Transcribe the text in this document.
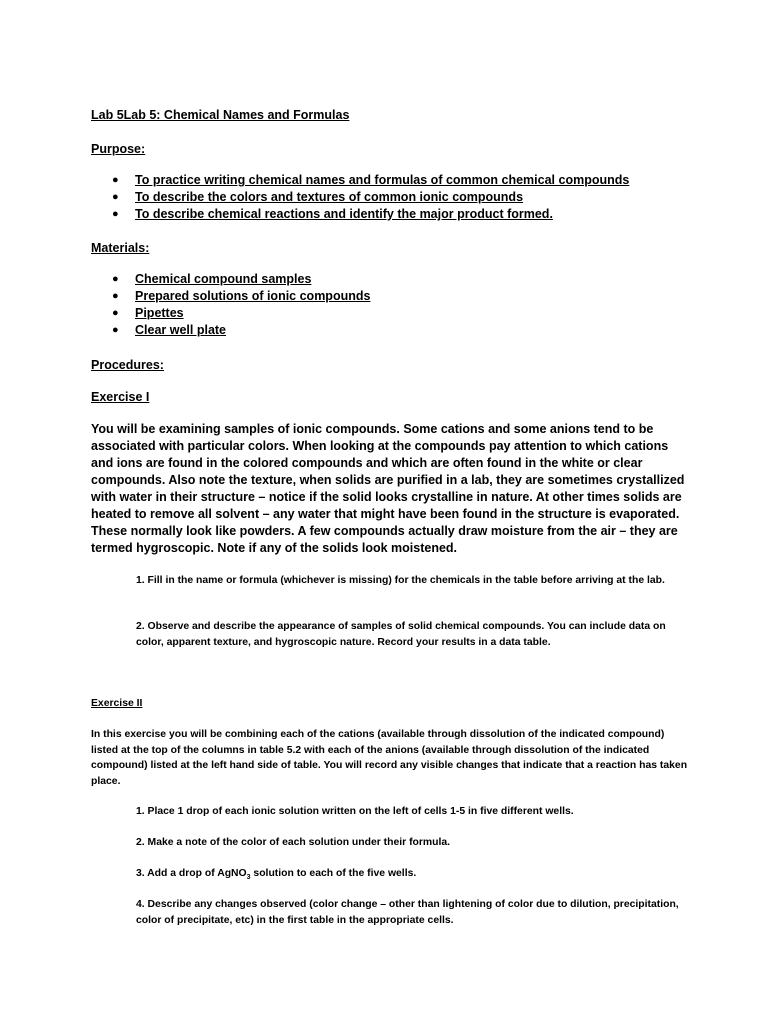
Lab 5Lab 5: Chemical Names and Formulas
Purpose:
● To practice writing chemical names and formulas of common chemical compounds
● To describe the colors and textures of common ionic compounds
● To describe chemical reactions and identify the major product formed.
Materials:
● Chemical compound samples
● Prepared solutions of ionic compounds
● Pipettes
● Clear well plate
Procedures:
Exercise I
You will be examining samples of ionic compounds. Some cations and some anions tend to be associated with particular colors. When looking at the compounds pay attention to which cations and ions are found in the colored compounds and which are often found in the white or clear compounds. Also note the texture, when solids are purified in a lab, they are sometimes crystallized with water in their structure – notice if the solid looks crystalline in nature. At other times solids are heated to remove all solvent – any water that might have been found in the structure is evaporated. These normally look like powders. A few compounds actually draw moisture from the air – they are termed hygroscopic. Note if any of the solids look moistened.
1. Fill in the name or formula (whichever is missing) for the chemicals in the table before arriving at the lab.
2. Observe and describe the appearance of samples of solid chemical compounds. You can include data on color, apparent texture, and hygroscopic nature. Record your results in a data table.
Exercise II
In this exercise you will be combining each of the cations (available through dissolution of the indicated compound) listed at the top of the columns in table 5.2 with each of the anions (available through dissolution of the indicated compound) listed at the left hand side of table. You will record any visible changes that indicate that a reaction has taken place.
1. Place 1 drop of each ionic solution written on the left of cells 1-5 in five different wells.
2. Make a note of the color of each solution under their formula.
3. Add a drop of AgNO$_3$ solution to each of the five wells.
4. Describe any changes observed (color change – other than lightening of color due to dilution, precipitation, color of precipitate, etc) in the first table in the appropriate cells.
